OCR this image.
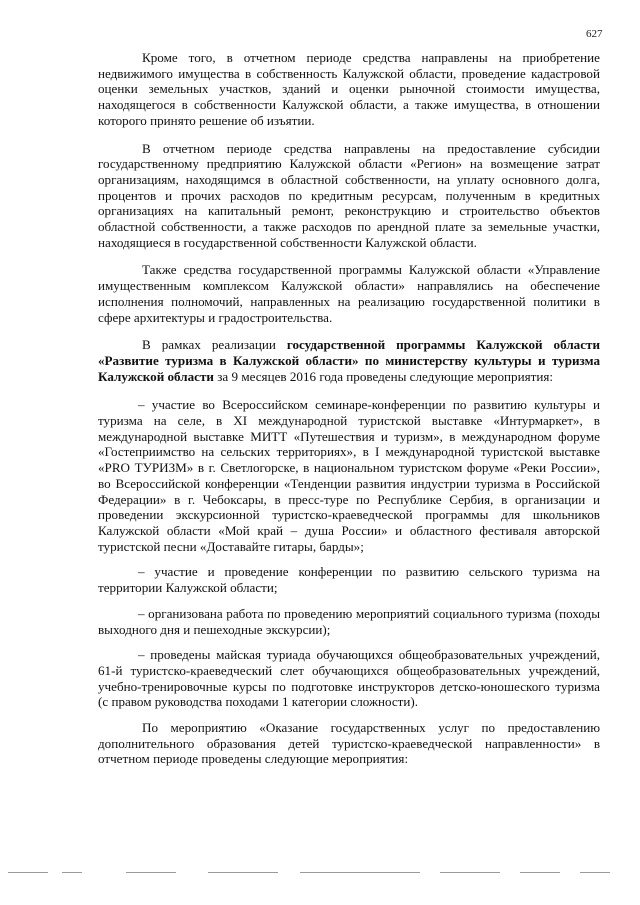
627

Кроме того, в отчетном периоде средства направлены на приобретение недвижимого имущества в собственность Калужской области, проведение кадастровой оценки земельных участков, зданий и оценки рыночной стоимости имущества, находящегося в собственности Калужской области, а также имущества, в отношении которого принято решение об изъятии.

В отчетном периоде средства направлены на предоставление субсидии государственному предприятию Калужской области «Регион» на возмещение затрат организациям, находящимся в областной собственности, на уплату основного долга, процентов и прочих расходов по кредитным ресурсам, полученным в кредитных организациях на капитальный ремонт, реконструкцию и строительство объектов областной собственности, а также расходов по арендной плате за земельные участки, находящиеся в государственной собственности Калужской области.

Также средства государственной программы Калужской области «Управление имущественным комплексом Калужской области» направлялись на обеспечение исполнения полномочий, направленных на реализацию государственной политики в сфере архитектуры и градостроительства.

В рамках реализации государственной программы Калужской области «Развитие туризма в Калужской области» по министерству культуры и туризма Калужской области за 9 месяцев 2016 года проведены следующие мероприятия:

– участие во Всероссийском семинаре-конференции по развитию культуры и туризма на селе, в XI международной туристской выставке «Интурмаркет», в международной выставке МИТТ «Путешествия и туризм», в международном форуме «Гостеприимство на сельских территориях», в I международной туристской выставке «PRO ТУРИЗМ» в г. Светлогорске, в национальном туристском форуме «Реки России», во Всероссийской конференции «Тенденции развития индустрии туризма в Российской Федерации» в г. Чебоксары, в пресс-туре по Республике Сербия, в организации и проведении экскурсионной туристско-краеведческой программы для школьников Калужской области «Мой край – душа России» и областного фестиваля авторской туристской песни «Доставайте гитары, барды»;

– участие и проведение конференции по развитию сельского туризма на территории Калужской области;

– организована работа по проведению мероприятий социального туризма (походы выходного дня и пешеходные экскурсии);

– проведены майская туриада обучающихся общеобразовательных учреждений, 61-й туристско-краеведческий слет обучающихся общеобразовательных учреждений, учебно-тренировочные курсы по подготовке инструкторов детско-юношеского туризма (с правом руководства походами 1 категории сложности).

По мероприятию «Оказание государственных услуг по предоставлению дополнительного образования детей туристско-краеведческой направленности» в отчетном периоде проведены следующие мероприятия:
